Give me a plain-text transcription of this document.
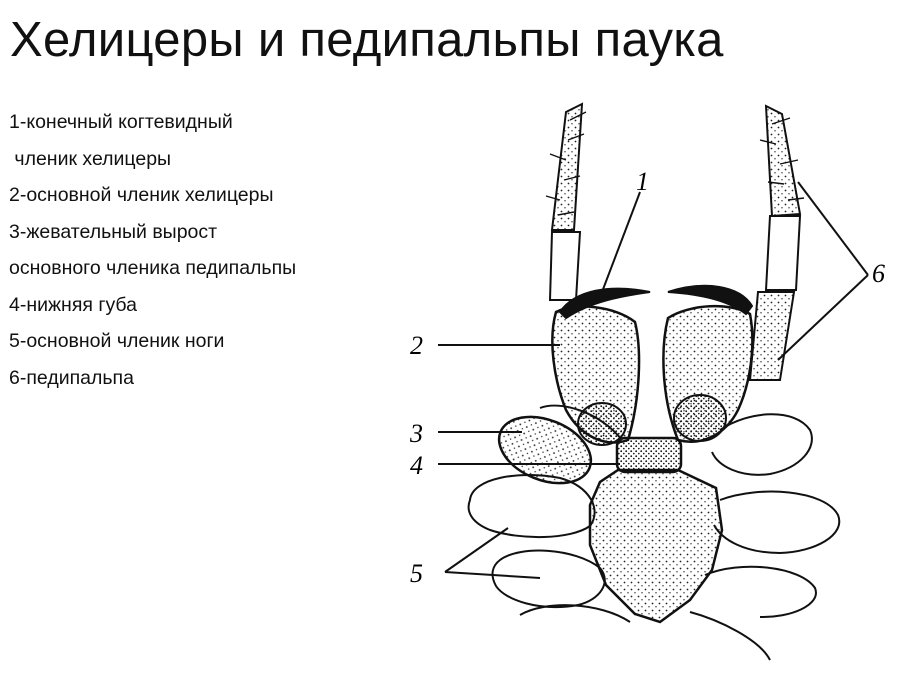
Хелицеры и педипальпы паука
1-конечный когтевидный
членик хелицеры
2-основной членик хелицеры
3-жевательный вырост
основного членика педипальпы
4-нижняя губа
5-основной членик ноги
6-педипальпа
1
2
3
4
5
6
